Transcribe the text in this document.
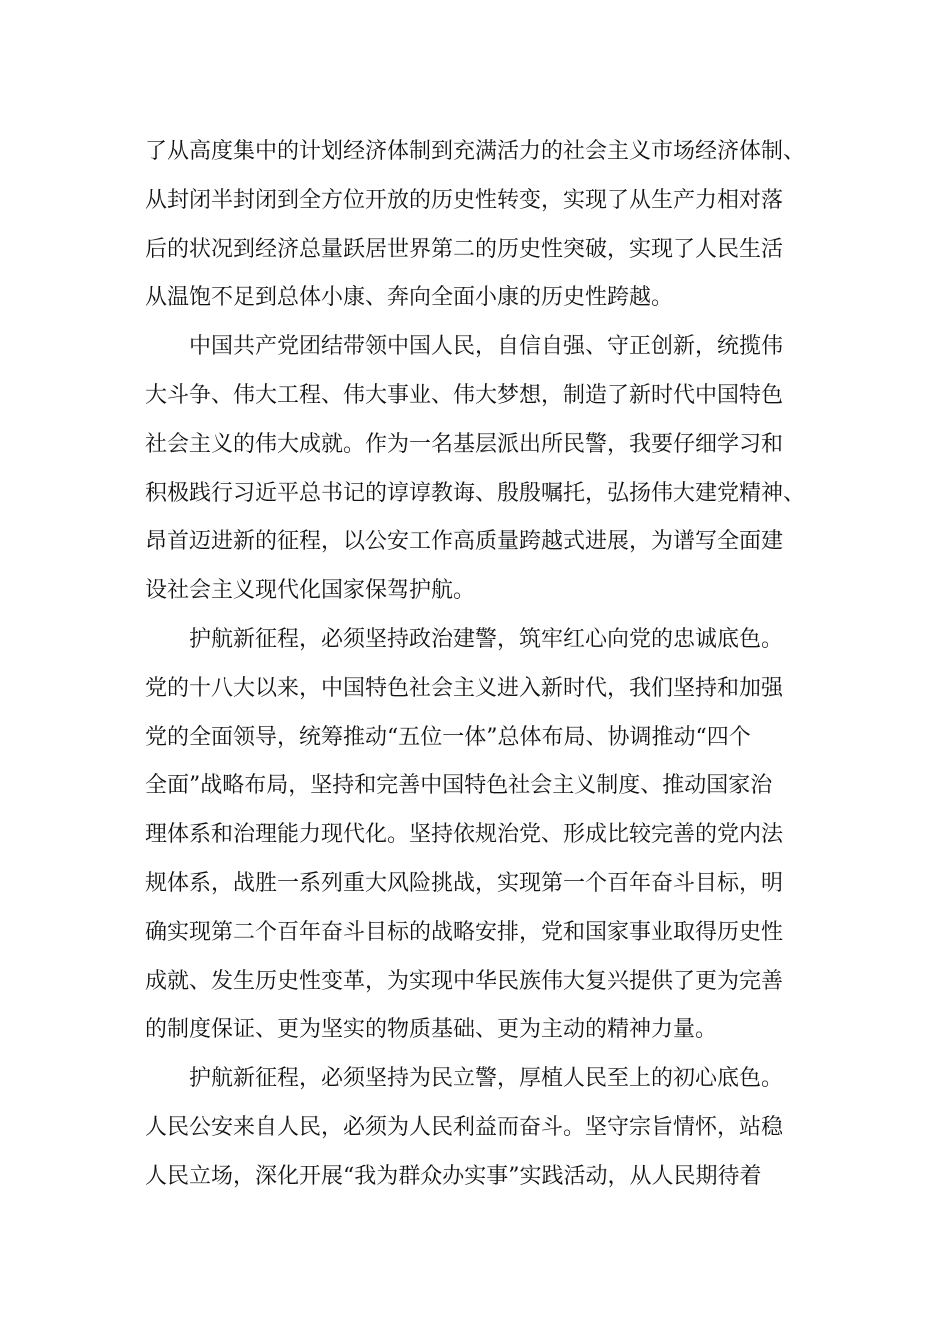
了从高度集中的计划经济体制到充满活力的社会主义市场经济体制、
从封闭半封闭到全方位开放的历史性转变，实现了从生产力相对落
后的状况到经济总量跃居世界第二的历史性突破，实现了人民生活
从温饱不足到总体小康、奔向全面小康的历史性跨越。
中国共产党团结带领中国人民，自信自强、守正创新，统揽伟
大斗争、伟大工程、伟大事业、伟大梦想，制造了新时代中国特色
社会主义的伟大成就。作为一名基层派出所民警，我要仔细学习和
积极践行习近平总书记的谆谆教诲、殷殷嘱托，弘扬伟大建党精神、
昂首迈进新的征程，以公安工作高质量跨越式进展，为谱写全面建
设社会主义现代化国家保驾护航。
护航新征程，必须坚持政治建警，筑牢红心向党的忠诚底色。
党的十八大以来，中国特色社会主义进入新时代，我们坚持和加强
党的全面领导，统筹推动“五位一体”总体布局、协调推动“四个
全面”战略布局，坚持和完善中国特色社会主义制度、推动国家治
理体系和治理能力现代化。坚持依规治党、形成比较完善的党内法
规体系，战胜一系列重大风险挑战，实现第一个百年奋斗目标，明
确实现第二个百年奋斗目标的战略安排，党和国家事业取得历史性
成就、发生历史性变革，为实现中华民族伟大复兴提供了更为完善
的制度保证、更为坚实的物质基础、更为主动的精神力量。
护航新征程，必须坚持为民立警，厚植人民至上的初心底色。
人民公安来自人民，必须为人民利益而奋斗。坚守宗旨情怀，站稳
人民立场，深化开展“我为群众办实事”实践活动，从人民期待着
